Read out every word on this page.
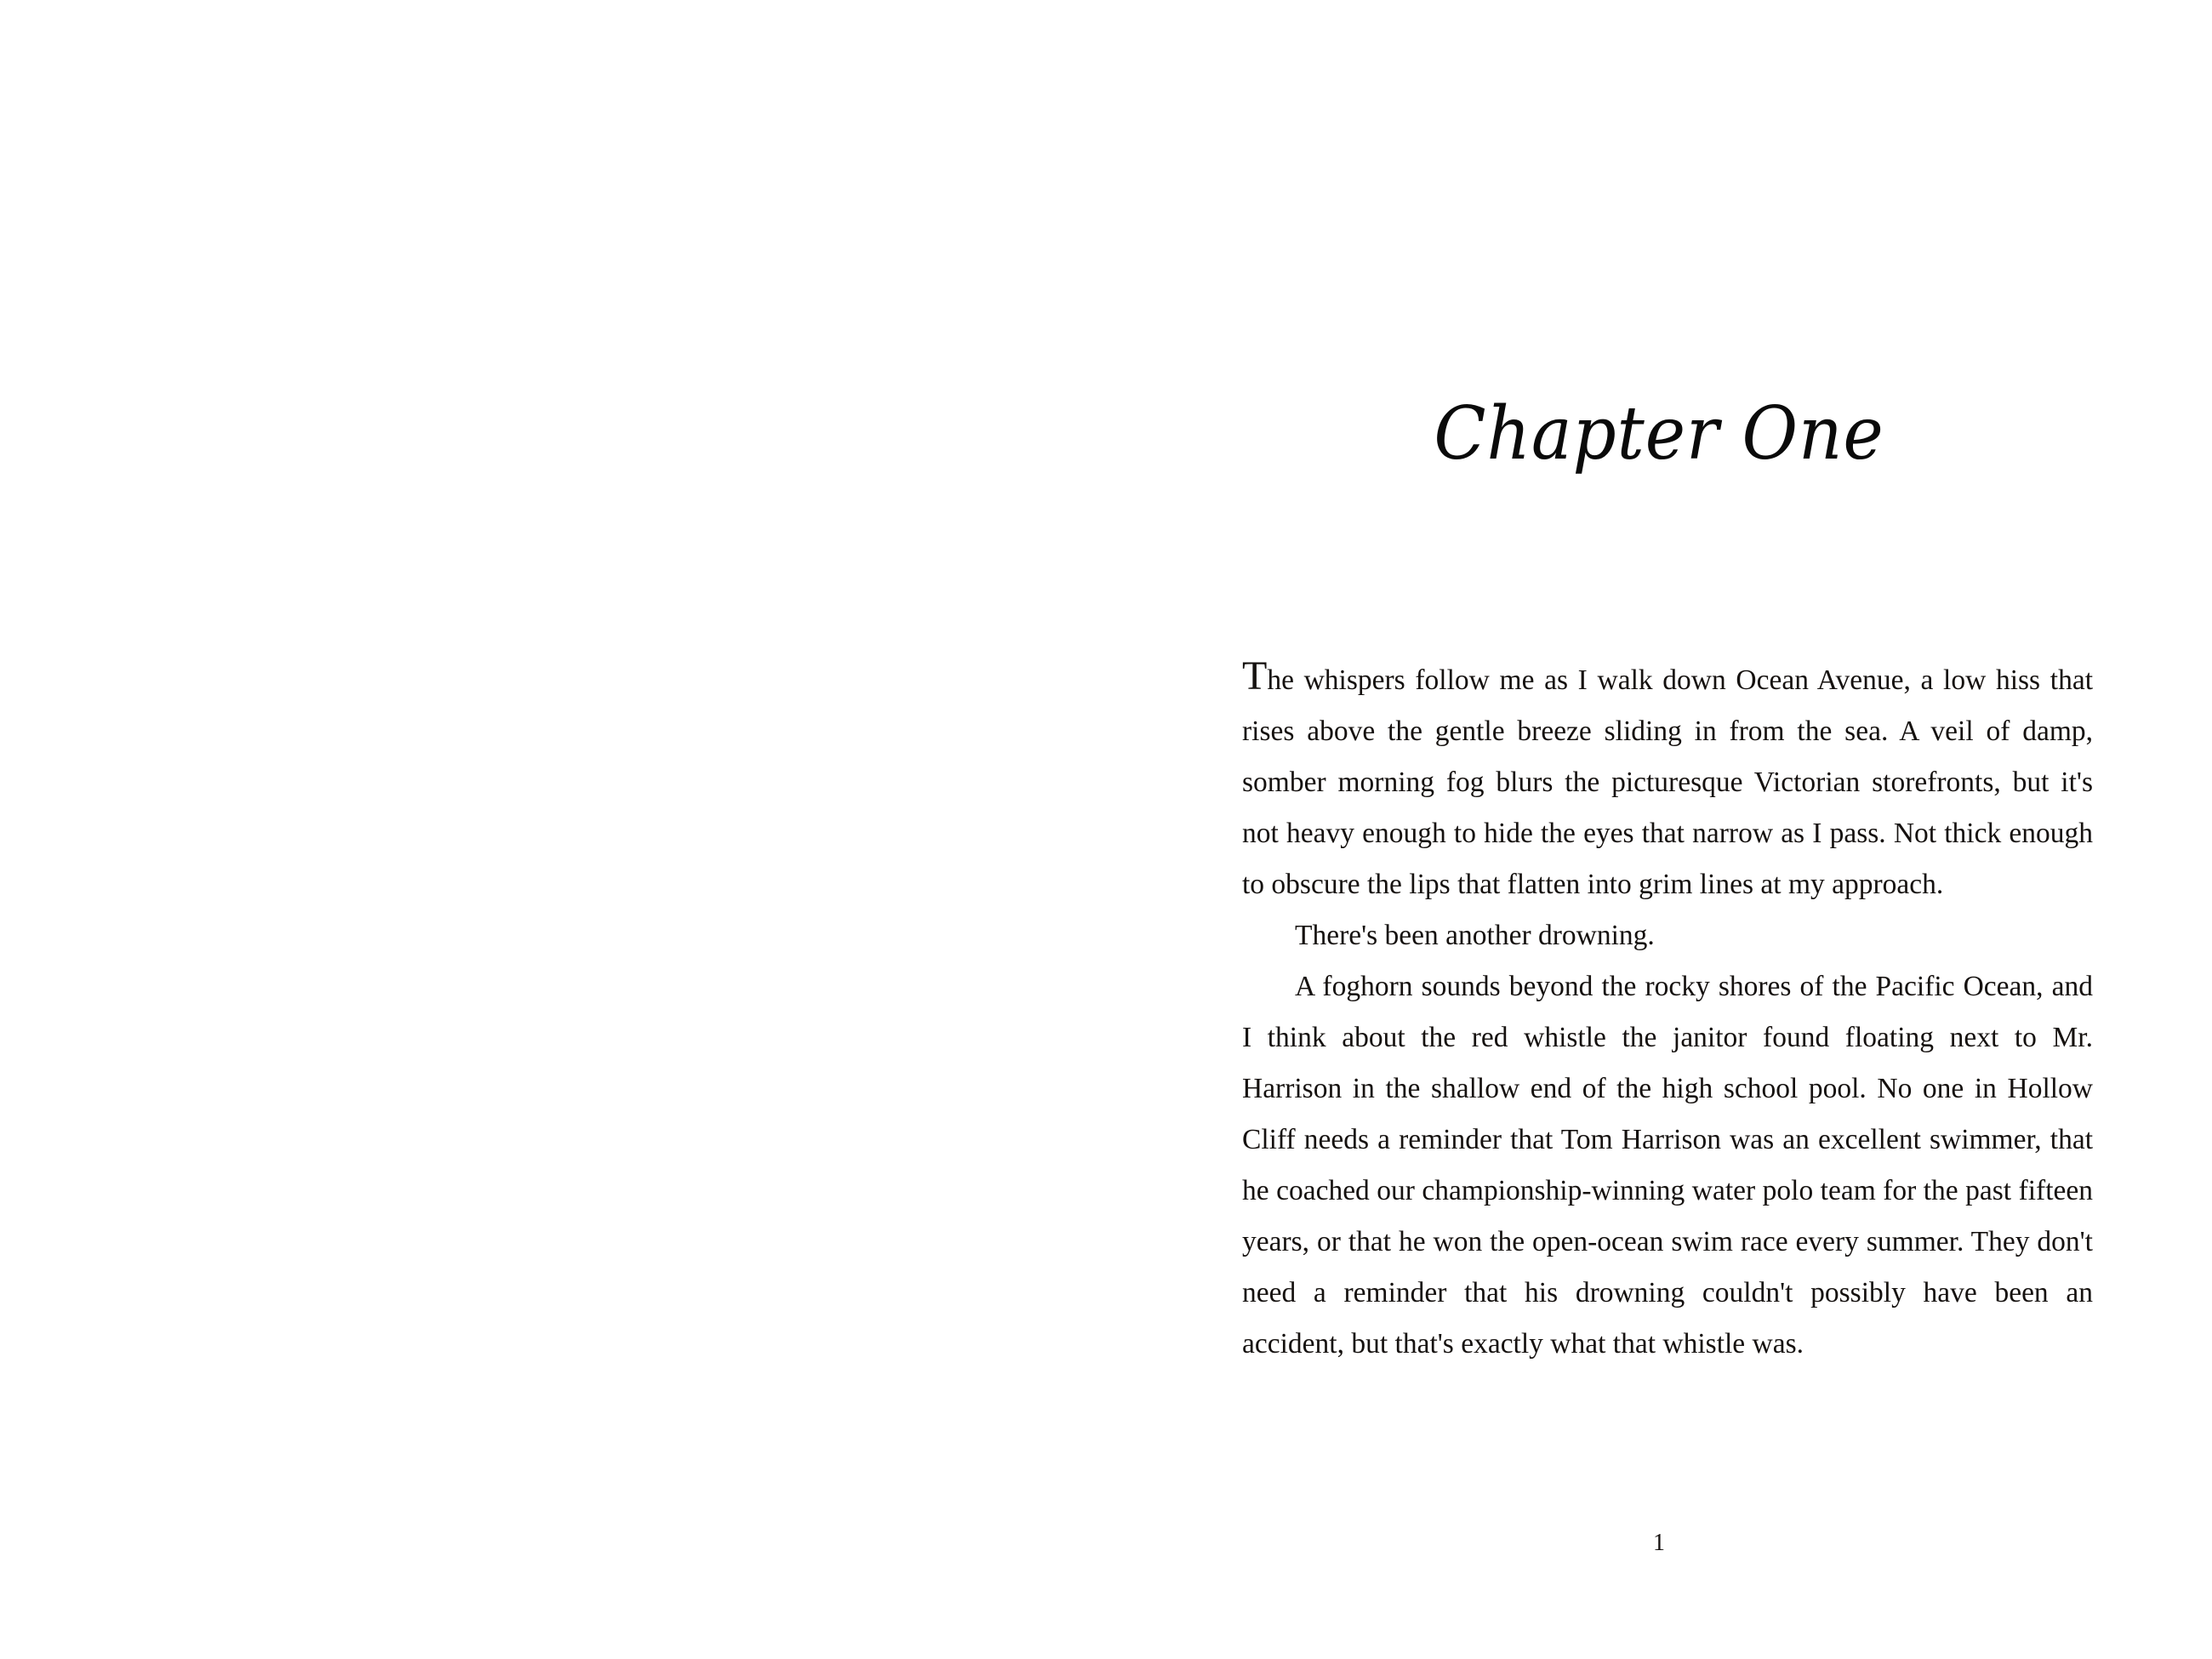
Chapter One

The whispers follow me as I walk down Ocean Avenue, a low hiss that rises above the gentle breeze sliding in from the sea. A veil of damp, somber morning fog blurs the picturesque Victorian storefronts, but it's not heavy enough to hide the eyes that narrow as I pass. Not thick enough to obscure the lips that flatten into grim lines at my approach.

There's been another drowning.

A foghorn sounds beyond the rocky shores of the Pacific Ocean, and I think about the red whistle the janitor found floating next to Mr. Harrison in the shallow end of the high school pool. No one in Hollow Cliff needs a reminder that Tom Harrison was an excellent swimmer, that he coached our championship-winning water polo team for the past fifteen years, or that he won the open-ocean swim race every summer. They don't need a reminder that his drowning couldn't possibly have been an accident, but that's exactly what that whistle was.

1
